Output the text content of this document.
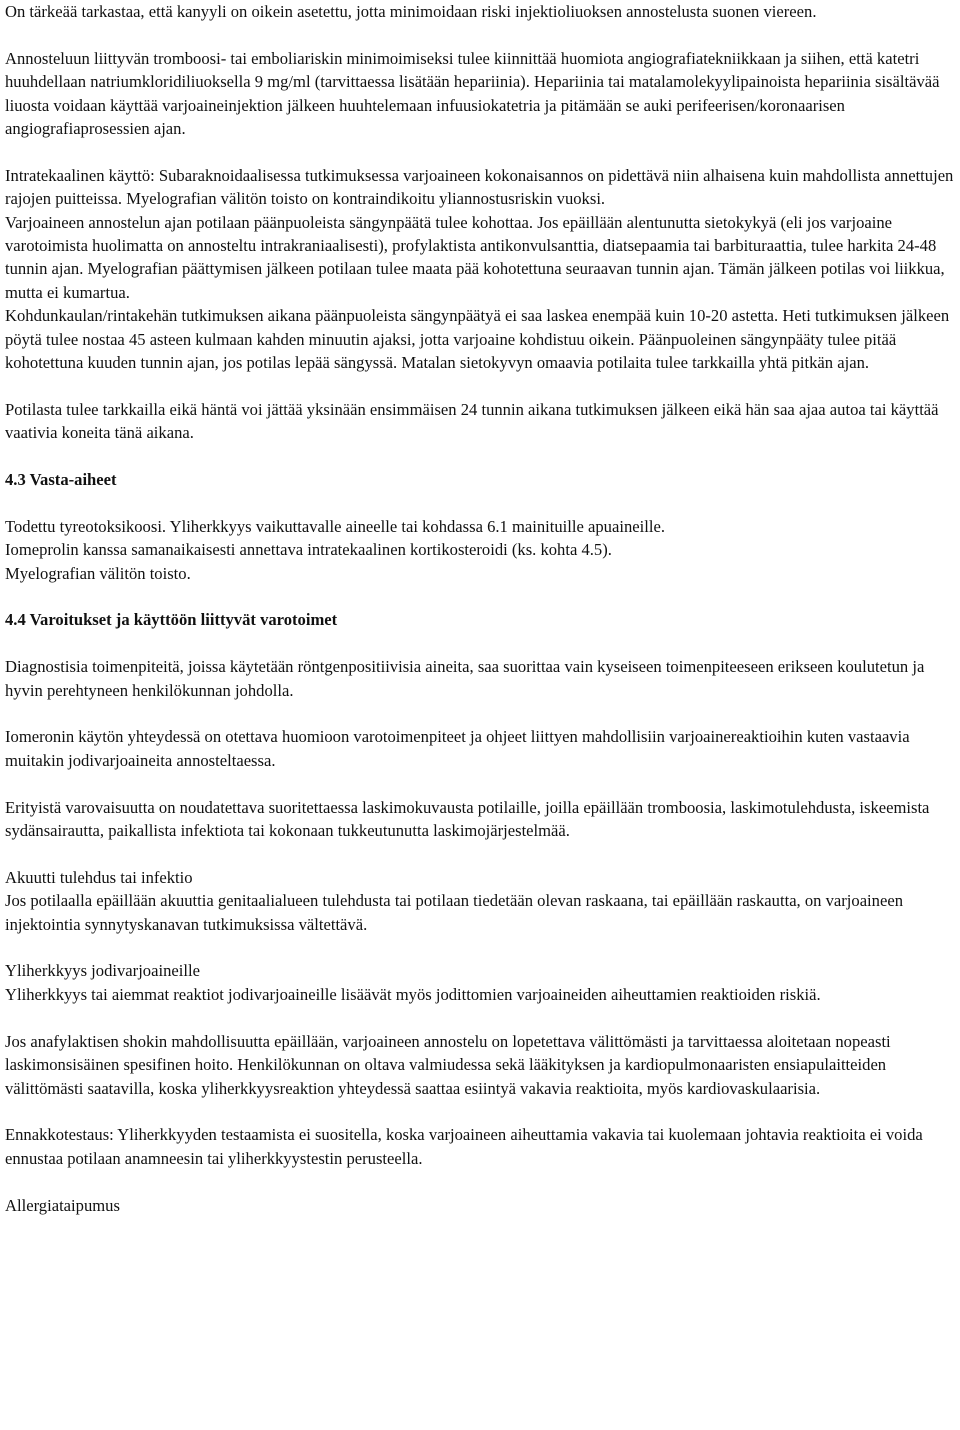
On tärkeää tarkastaa, että kanyyli on oikein asetettu, jotta minimoidaan riski injektioliuoksen annostelusta suonen viereen.

Annosteluun liittyvän tromboosi- tai emboliariskin minimoimiseksi tulee kiinnittää huomiota angiografiatekniikkaan ja siihen, että katetri huuhdellaan natriumkloridiliuoksella 9 mg/ml (tarvittaessa lisätään hepariinia). Hepariinia tai matalamolekyylipainoista hepariinia sisältävää liuosta voidaan käyttää varjoaineinjektion jälkeen huuhtelemaan infuusiokatetria ja pitämään se auki perifeerisen/koronaarisen angiografiaprosessien ajan.

Intratekaalinen käyttö: Subaraknoidaalisessa tutkimuksessa varjoaineen kokonaisannos on pidettävä niin alhaisena kuin mahdollista annettujen rajojen puitteissa. Myelografian välitön toisto on kontraindikoitu yliannostusriskin vuoksi.

Varjoaineen annostelun ajan potilaan päänpuoleista sängynpäätä tulee kohottaa. Jos epäillään alentunutta sietokykyä (eli jos varjoaine varotoimista huolimatta on annosteltu intrakraniaalisesti), profylaktista antikonvulsanttia, diatsepaamia tai barbituraattia, tulee harkita 24-48 tunnin ajan. Myelografian päättymisen jälkeen potilaan tulee maata pää kohotettuna seuraavan tunnin ajan. Tämän jälkeen potilas voi liikkua, mutta ei kumartua.

Kohdunkaulan/rintakehän tutkimuksen aikana päänpuoleista sängynpäätyä ei saa laskea enempää kuin 10-20 astetta. Heti tutkimuksen jälkeen pöytä tulee nostaa 45 asteen kulmaan kahden minuutin ajaksi, jotta varjoaine kohdistuu oikein. Päänpuoleinen sängynpääty tulee pitää kohotettuna kuuden tunnin ajan, jos potilas lepää sängyssä. Matalan sietokyvyn omaavia potilaita tulee tarkkailla yhtä pitkän ajan.

Potilasta tulee tarkkailla eikä häntä voi jättää yksinään ensimmäisen 24 tunnin aikana tutkimuksen jälkeen eikä hän saa ajaa autoa tai käyttää vaativia koneita tänä aikana.

4.3 Vasta-aiheet

Todettu tyreotoksikoosi. Yliherkkyys vaikuttavalle aineelle tai kohdassa 6.1 mainituille apuaineille.

Iomeprolin kanssa samanaikaisesti annettava intratekaalinen kortikosteroidi (ks. kohta 4.5).

Myelografian välitön toisto.

4.4 Varoitukset ja käyttöön liittyvät varotoimet

Diagnostisia toimenpiteitä, joissa käytetään röntgenpositiivisia aineita, saa suorittaa vain kyseiseen toimenpiteeseen erikseen koulutetun ja hyvin perehtyneen henkilökunnan johdolla.

Iomeronin käytön yhteydessä on otettava huomioon varotoimenpiteet ja ohjeet liittyen mahdollisiin varjoainereaktioihin kuten vastaavia muitakin jodivarjoaineita annosteltaessa.

Erityistä varovaisuutta on noudatettava suoritettaessa laskimokuvausta potilaille, joilla epäillään tromboosia, laskimotulehdusta, iskeemista sydänsairautta, paikallista infektiota tai kokonaan tukkeutunutta laskimojärjestelmää.

Akuutti tulehdus tai infektio

Jos potilaalla epäillään akuuttia genitaalialueen tulehdusta tai potilaan tiedetään olevan raskaana, tai epäillään raskautta, on varjoaineen injektointia synnytyskanavan tutkimuksissa vältettävä.

Yliherkkyys jodivarjoaineille

Yliherkkyys tai aiemmat reaktiot jodivarjoaineille lisäävät myös jodittomien varjoaineiden aiheuttamien reaktioiden riskiä.

Jos anafylaktisen shokin mahdollisuutta epäillään, varjoaineen annostelu on lopetettava välittömästi ja tarvittaessa aloitetaan nopeasti laskimonsisäinen spesifinen hoito. Henkilökunnan on oltava valmiudessa sekä lääkityksen ja kardiopulmonaaristen ensiapulaitteiden välittömästi saatavilla, koska yliherkkyysreaktion yhteydessä saattaa esiintyä vakavia reaktioita, myös kardiovaskulaarisia.

Ennakkotestaus: Yliherkkyyden testaamista ei suositella, koska varjoaineen aiheuttamia vakavia tai kuolemaan johtavia reaktioita ei voida ennustaa potilaan anamneesin tai yliherkkyystestin perusteella.

Allergiataipumus
